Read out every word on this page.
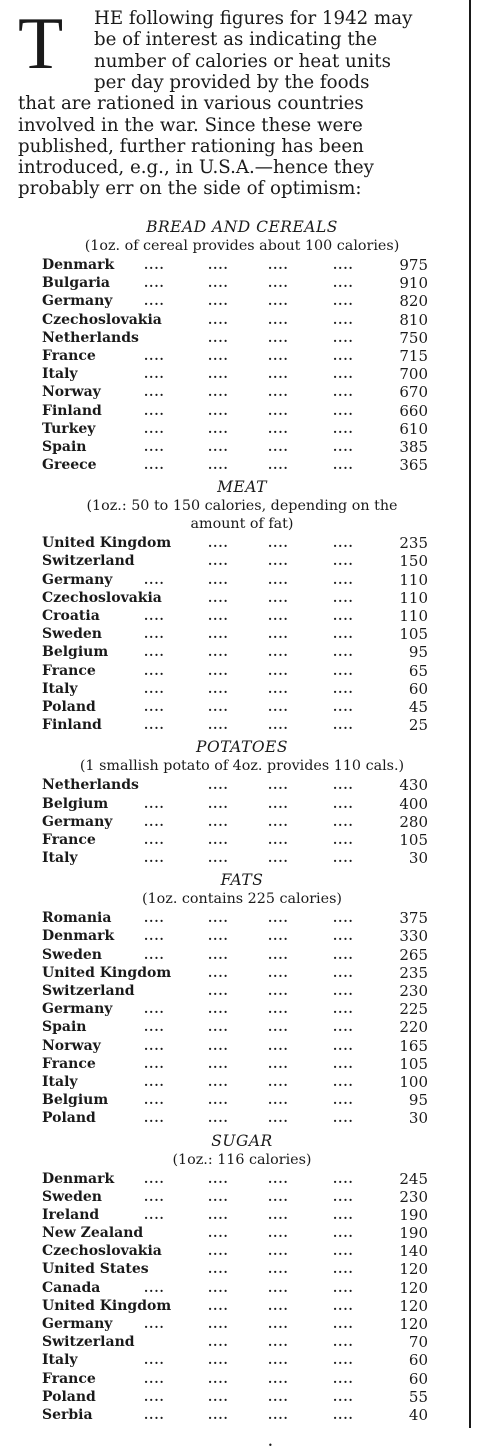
T HE following figures for 1942 may
be of interest as indicating the
number of calories or heat units
per day provided by the foods
that are rationed in various countries
involved in the war. Since these were
published, further rationing has been
introduced, e.g., in U.S.A.—hence they
probably err on the side of optimism:
BREAD AND CEREALS
(1oz. of cereal provides about 100 calories)
Denmark ....	....	....	....	975
Bulgaria	....	....	....	....	910
Germany	....	....	....	....	820
Czechoslovakia	....	....	....	810
Netherlands	....	....	....	750
France	....	....	....	....	715
Italy	....	....	....	....	700
Norway	....	....	....	....	670
Finland	....	....	....	....	660
Turkey	....	....	....	....	610
Spain	....	....	....	....	385
Greece	....	....	....	....	365
MEAT
(1oz.: 50 to 150 calories, depending on the
amount of fat)
United Kingdom	....	....	....	235
Switzerland	....	....	....	150
Germany	....	....	....	....	110
Czechoslovakia	....	....	....	110
Croatia	....	....	....	....	110
Sweden	....	....	....	....	105
Belgium	....	....	....	....	95
France	....	....	....	....	65
Italy	....	....	....	....	60
Poland	....	....	....	....	45
Finland	....	....	....	....	25
POTATOES
(1 smallish potato of 4oz. provides 110 cals.)
Netherlands	....	....	....	430
Belgium	....	....	....	....	400
Germany	....	....	....	....	280
France	....	....	....	....	105
Italy	....	....	....	....	30
FATS
(1oz. contains 225 calories)
Romania	....	....	....	....	375
Denmark ....	....	....	....	330
Sweden	....	....	....	....	265
United Kingdom	....	....	....	235
Switzerland	....	....	....	230
Germany	....	....	....	....	225
Spain	....	....	....	....	220
Norway	....	....	....	....	165
France	....	....	....	....	105
Italy	....	....	....	....	100
Belgium	....	....	....	....	95
Poland	....	....	....	....	30
SUGAR
(1oz.: 116 calories)
Denmark ....	....	....	....	245
Sweden	....	....	....	....	230
Ireland	....	....	....	....	190
New Zealand	....	....	....	190
Czechoslovakia	....	....	....	140
United States	....	....	....	120
Canada	....	....	....	....	120
United Kingdom	....	....	....	120
Germany	....	....	....	....	120
Switzerland	....	....	....	70
Italy	....	....	....	....	60
France	....	....	....	....	60
Poland	....	....	....	....	55
Serbia	....	....	....	....	40
•
